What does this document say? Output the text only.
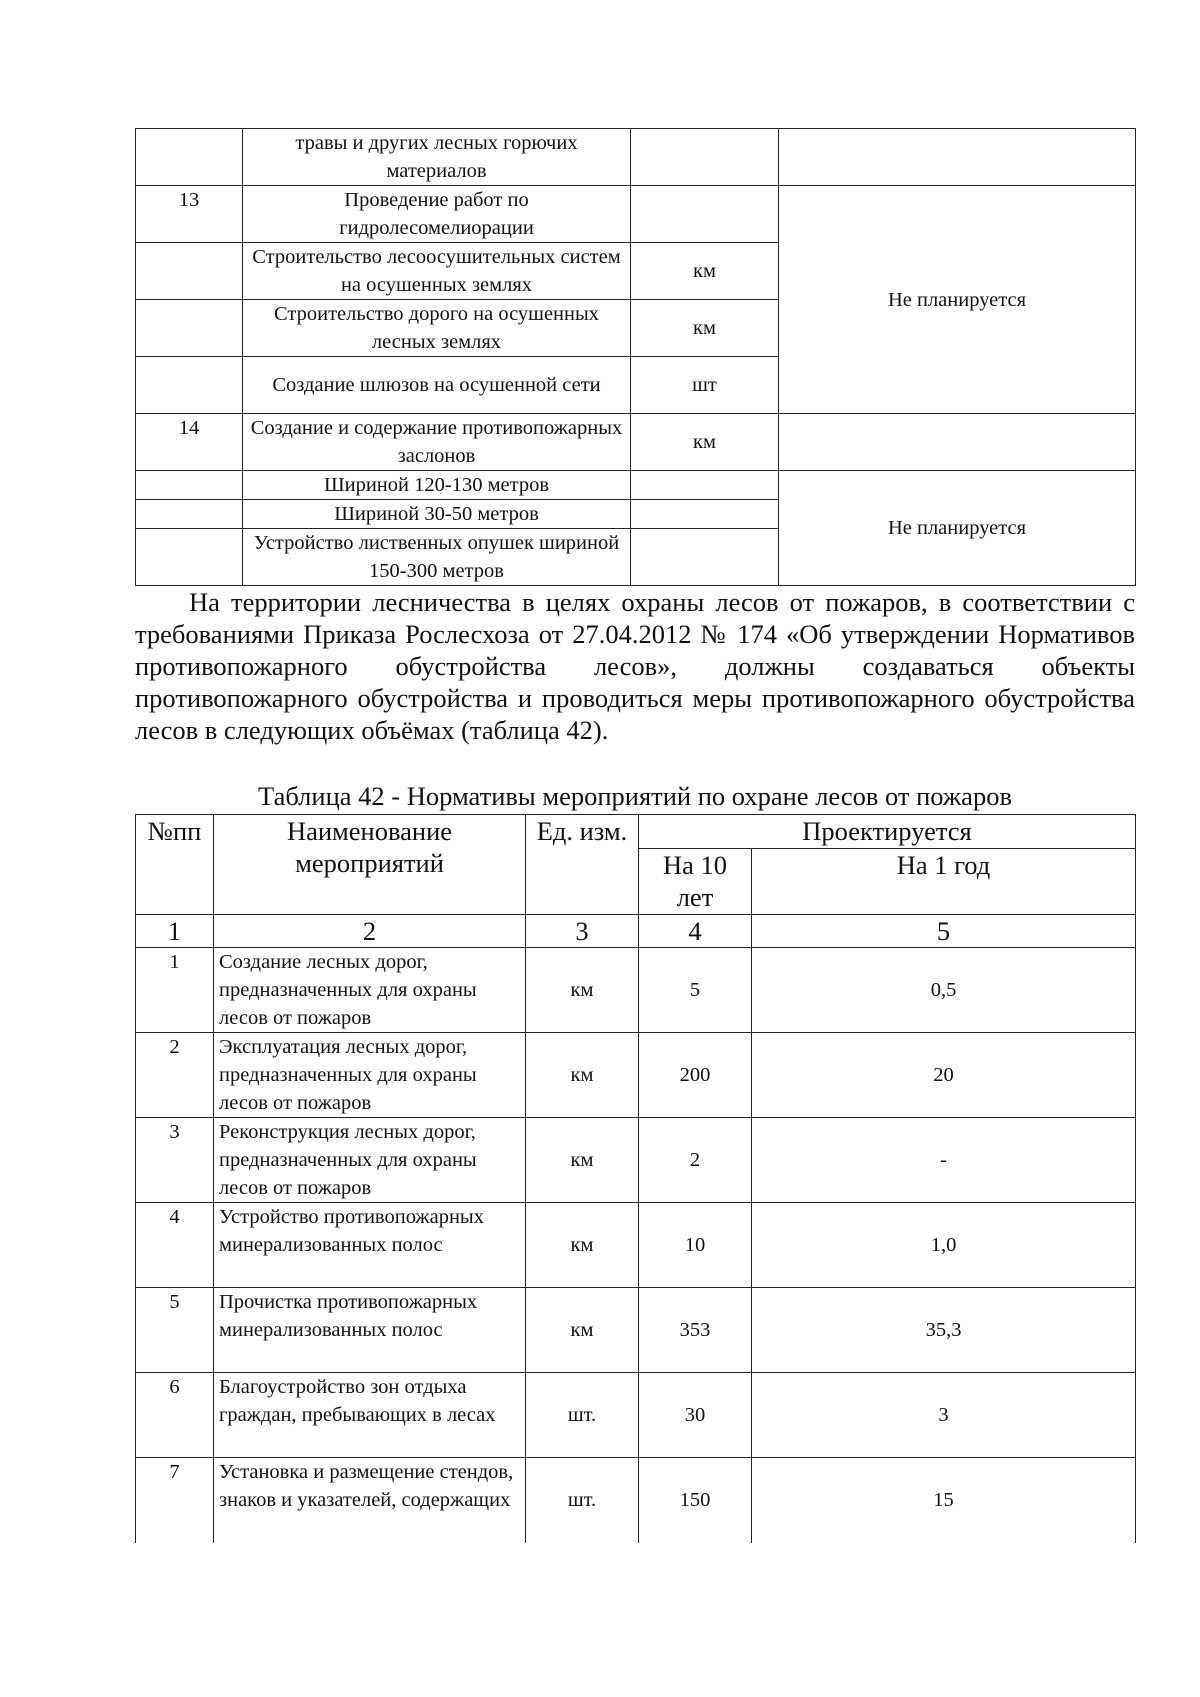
	травы и других лесных горючих материалов		
13	Проведение работ по гидролесомелиорации		Не планируется
	Строительство лесоосушительных систем на осушенных землях	км	
	Строительство дорого на осушенных лесных землях	км	
	Создание шлюзов на осушенной сети	шт	
14	Создание и содержание противопожарных заслонов	км	
	Шириной 120-130 метров		Не планируется
	Шириной 30-50 метров		
	Устройство лиственных опушек шириной 150-300 метров		

На территории лесничества в целях охраны лесов от пожаров, в соответствии с требованиями Приказа Рослесхоза от 27.04.2012 № 174 «Об утверждении Нормативов противопожарного обустройства лесов», должны создаваться объекты противопожарного обустройства и проводиться меры противопожарного обустройства лесов в следующих объёмах (таблица 42).

Таблица 42 - Нормативы мероприятий по охране лесов от пожаров

№пп	Наименование мероприятий	Ед. изм.	Проектируется	
			На 10 лет	На 1 год
1	2	3	4	5
1	Создание лесных дорог, предназначенных для охраны лесов от пожаров	км	5	0,5
2	Эксплуатация лесных дорог, предназначенных для охраны лесов от пожаров	км	200	20
3	Реконструкция лесных дорог, предназначенных для охраны лесов от пожаров	км	2	-
4	Устройство противопожарных минерализованных полос	км	10	1,0
5	Прочистка противопожарных минерализованных полос	км	353	35,3
6	Благоустройство зон отдыха граждан, пребывающих в лесах	шт.	30	3
7	Установка и размещение стендов, знаков и указателей, содержащих	шт.	150	15
